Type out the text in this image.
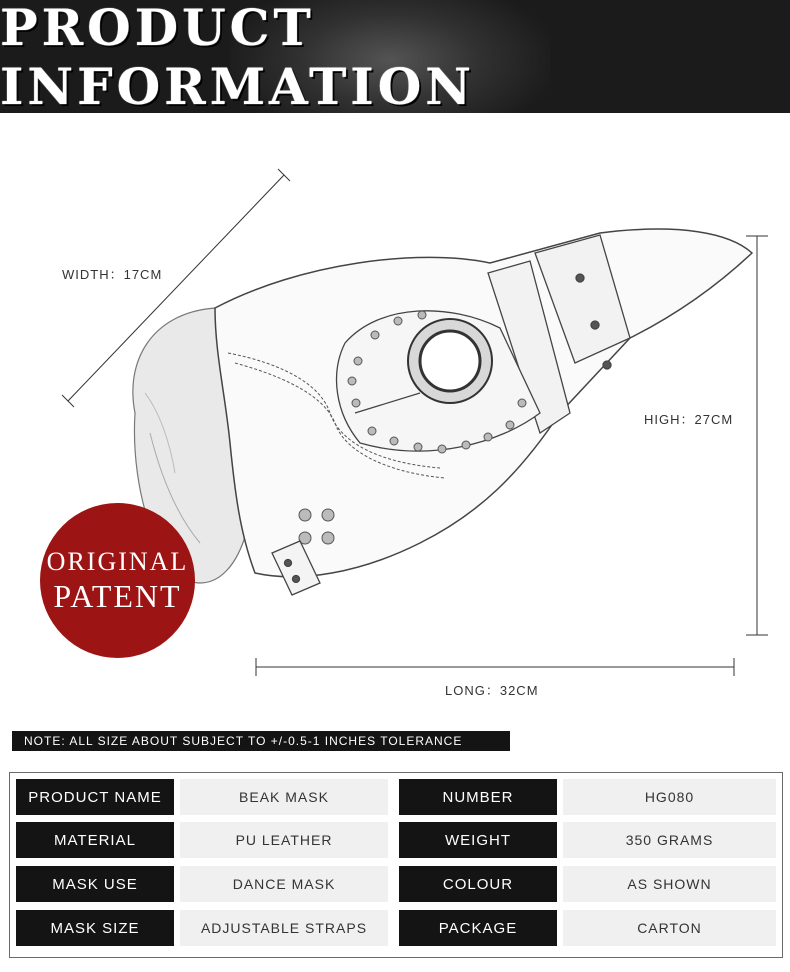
PRODUCT INFORMATION
WIDTH：17CM
HIGH：27CM
LONG：32CM
ORIGINAL
PATENT
NOTE: ALL SIZE ABOUT SUBJECT TO +/-0.5-1 INCHES TOLERANCE
PRODUCT NAME	BEAK MASK	NUMBER	HG080
MATERIAL	PU LEATHER	WEIGHT	350 GRAMS
MASK USE	DANCE MASK	COLOUR	AS SHOWN
MASK SIZE	ADJUSTABLE STRAPS	PACKAGE	CARTON
